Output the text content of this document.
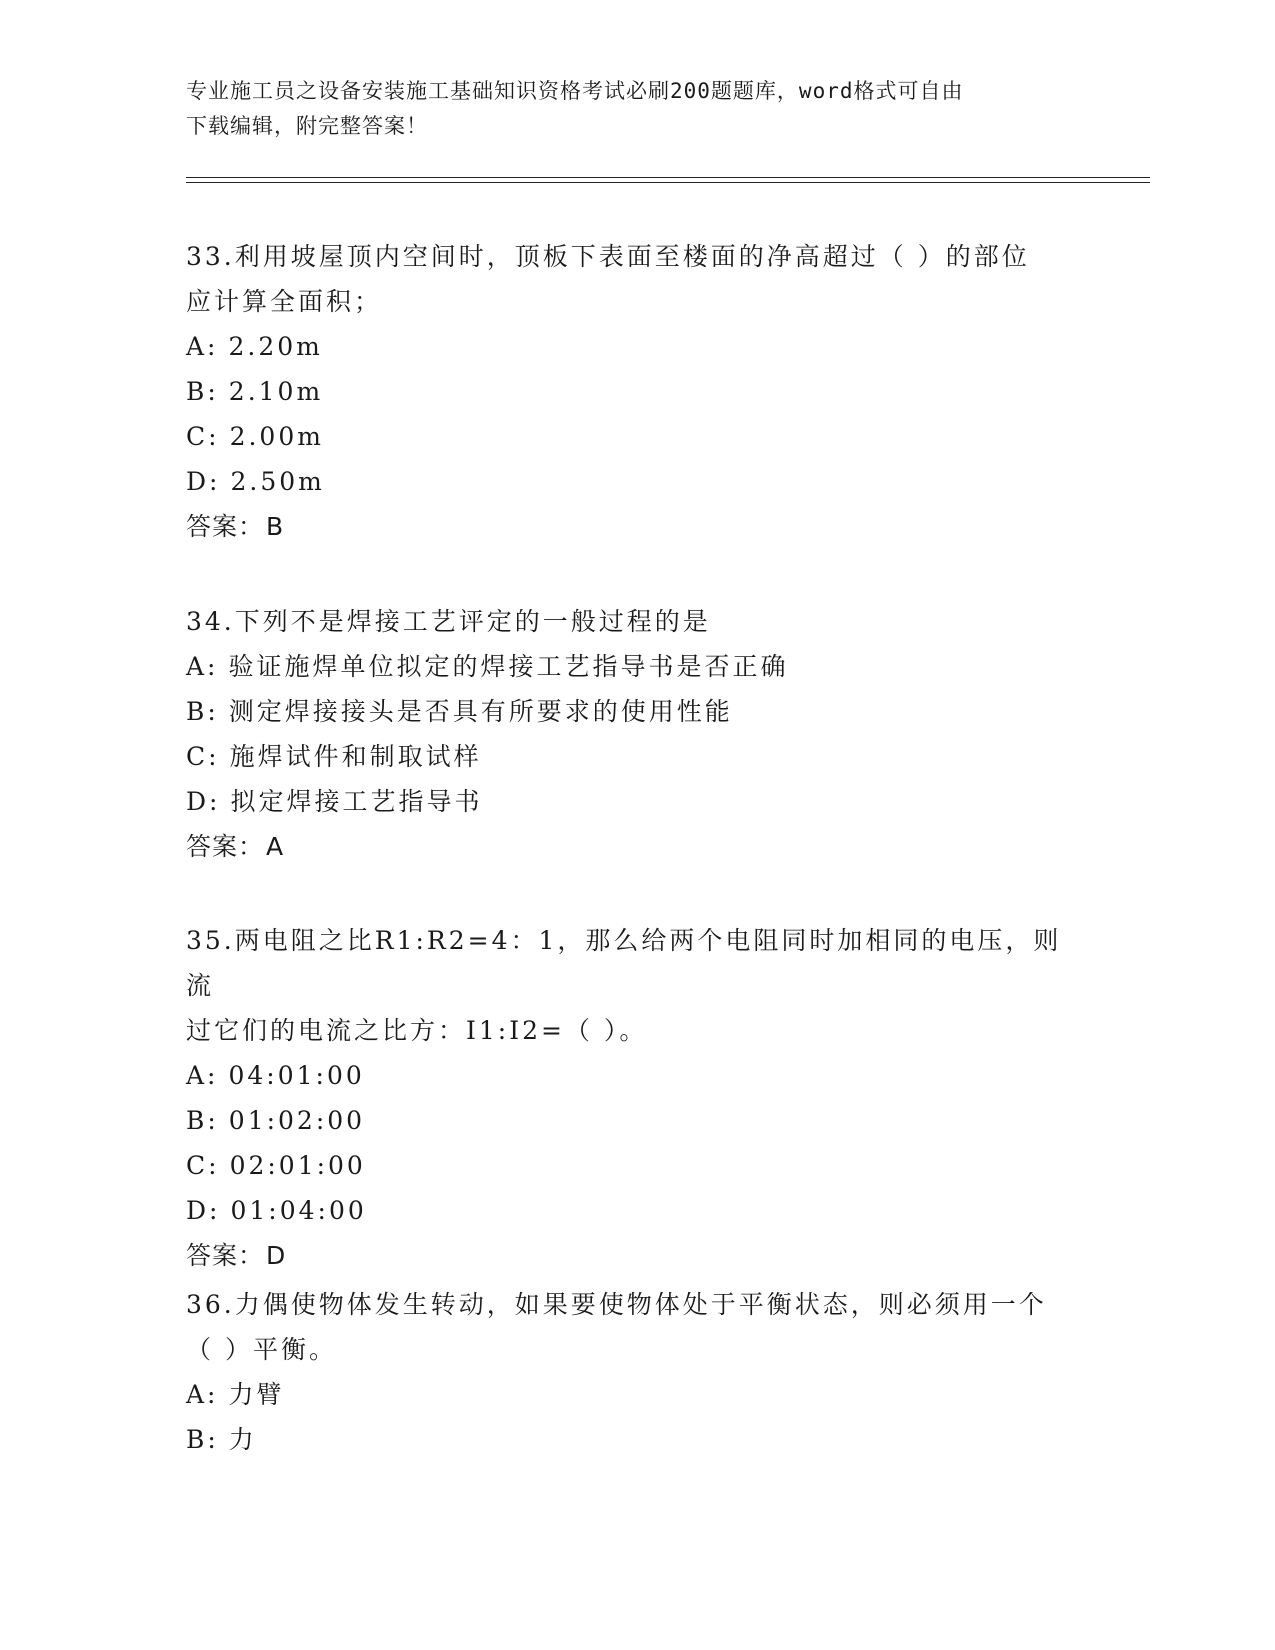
专业施工员之设备安装施工基础知识资格考试必刷200题题库，word格式可自由
下载编辑，附完整答案！

33.利用坡屋顶内空间时，顶板下表面至楼面的净高超过（ ）的部位

应计算全面积；

A: 2.20m

B: 2.10m

C: 2.00m

D: 2.50m

答案：B

34.下列不是焊接工艺评定的一般过程的是

A: 验证施焊单位拟定的焊接工艺指导书是否正确

B: 测定焊接接头是否具有所要求的使用性能

C: 施焊试件和制取试样

D: 拟定焊接工艺指导书

答案：A

35.两电阻之比R1:R2=4：1，那么给两个电阻同时加相同的电压，则流

过它们的电流之比方：I1:I2=（ ）。

A: 04:01:00

B: 01:02:00

C: 02:01:00

D: 01:04:00

答案：D

36.力偶使物体发生转动，如果要使物体处于平衡状态，则必须用一个

（ ）平衡。

A: 力臂

B: 力
